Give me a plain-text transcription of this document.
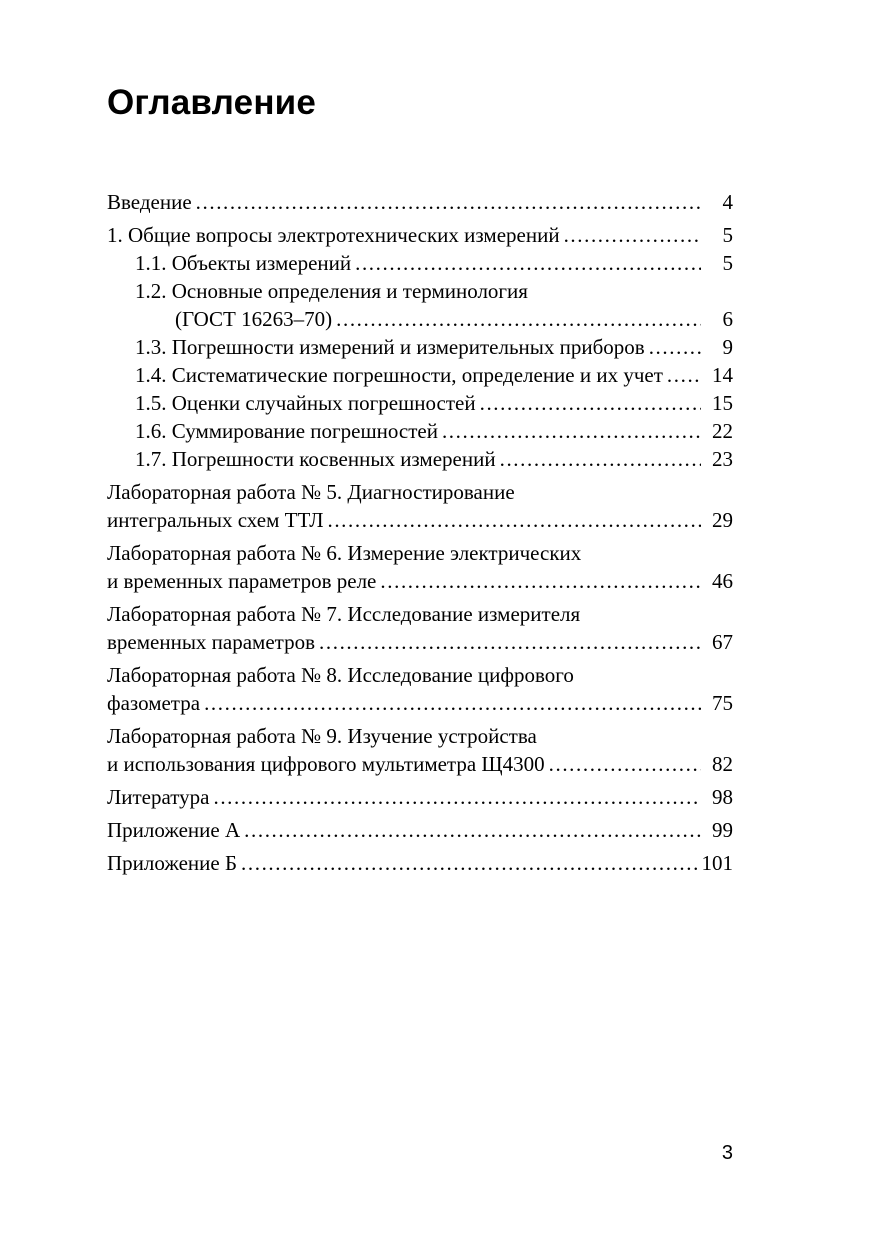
Оглавление
Введение .....	4
1. Общие вопросы электротехнических измерений .....	5
1.1. Объекты измерений .....	5
1.2. Основные определения и терминология
(ГОСТ 16263–70) .....	6
1.3. Погрешности измерений и измерительных приборов .....	9
1.4. Систематические погрешности, определение и их учет .....	14
1.5. Оценки случайных погрешностей .....	15
1.6. Суммирование погрешностей .....	22
1.7. Погрешности косвенных измерений .....	23
Лабораторная работа № 5. Диагностирование
интегральных схем ТТЛ .....	29
Лабораторная работа № 6. Измерение электрических
и временных параметров реле .....	46
Лабораторная работа № 7. Исследование измерителя
временных параметров .....	67
Лабораторная работа № 8. Исследование цифрового
фазометра .....	75
Лабораторная работа № 9. Изучение устройства
и использования цифрового мультиметра Щ4300 .....	82
Литература .....	98
Приложение А .....	99
Приложение Б .....	101
3
